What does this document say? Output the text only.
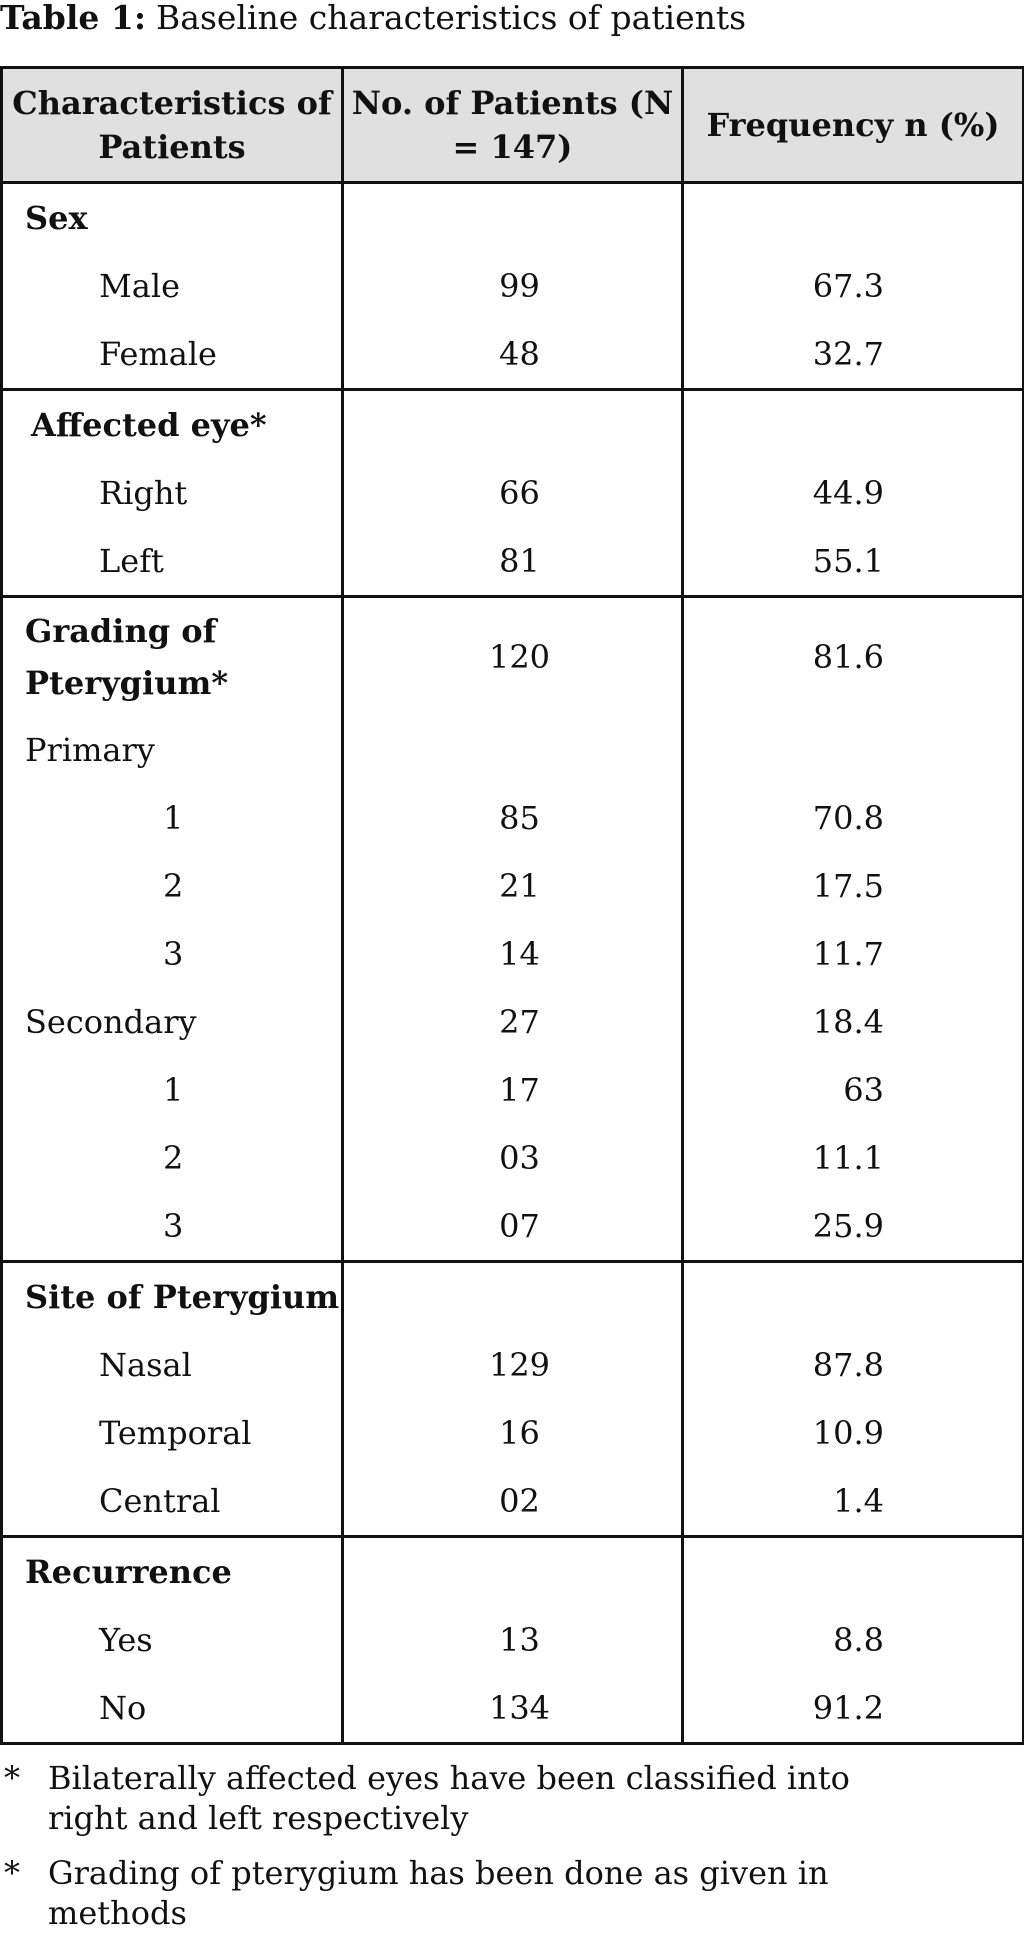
Table 1: Baseline characteristics of patients
Characteristics of Patients	No. of Patients (N = 147)	Frequency n (%)
Sex		
Male	99	67.3
Female	48	32.7
Affected eye*		
Right	66	44.9
Left	81	55.1
Grading of Pterygium*	120	81.6
Primary		
1	85	70.8
2	21	17.5
3	14	11.7
Secondary	27	18.4
1	17	63
2	03	11.1
3	07	25.9
Site of Pterygium		
Nasal	129	87.8
Temporal	16	10.9
Central	02	1.4
Recurrence		
Yes	13	8.8
No	134	91.2
* Bilaterally affected eyes have been classified into
right and left respectively
* Grading of pterygium has been done as given in
methods
